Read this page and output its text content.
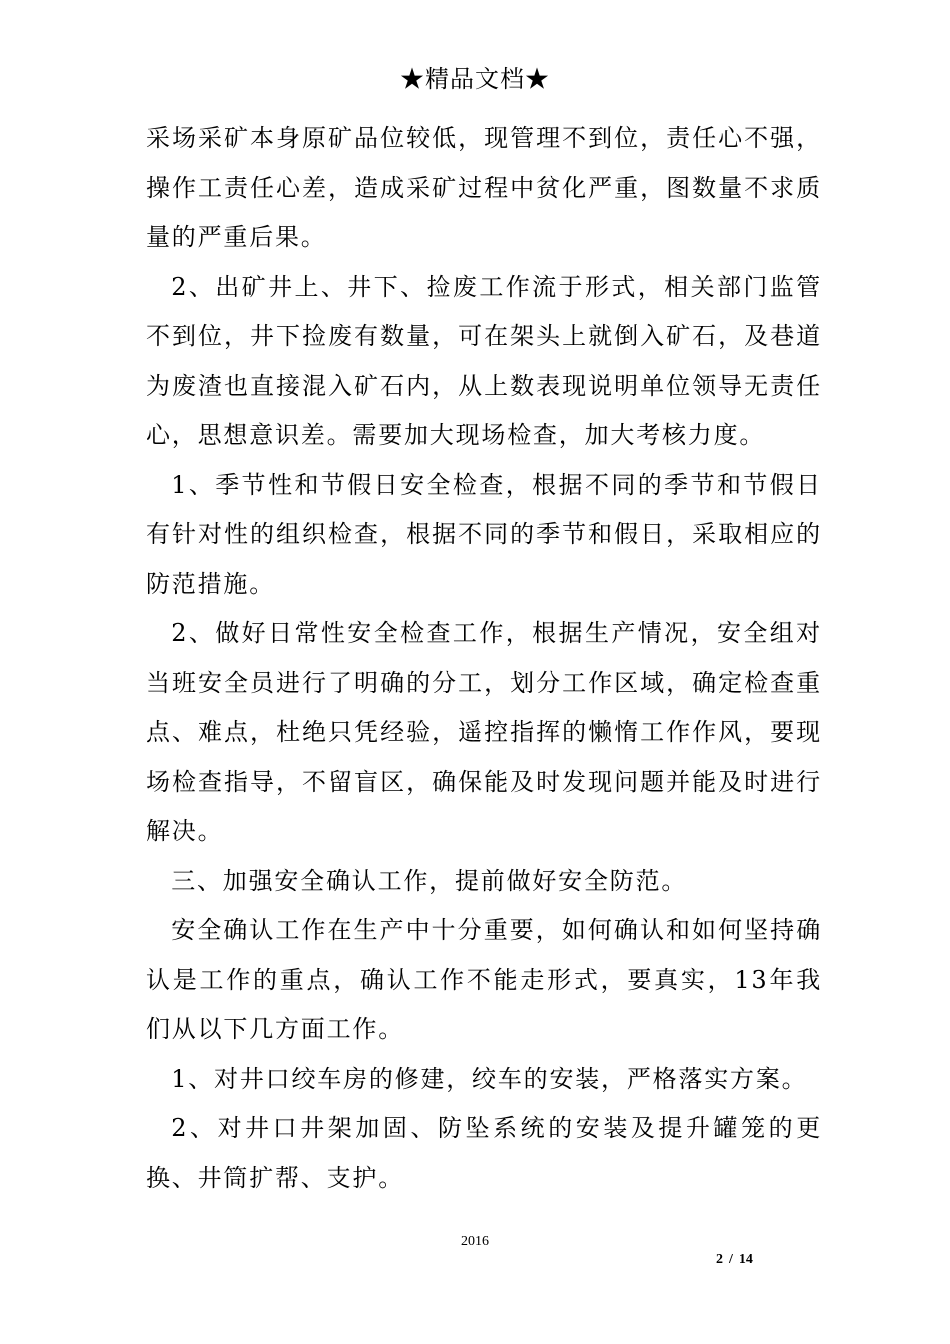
★精品文档★

采场采矿本身原矿品位较低，现管理不到位，责任心不强，操作工责任心差，造成采矿过程中贫化严重，图数量不求质量的严重后果。

2、出矿井上、井下、捡废工作流于形式，相关部门监管不到位，井下捡废有数量，可在架头上就倒入矿石，及巷道为废渣也直接混入矿石内，从上数表现说明单位领导无责任心，思想意识差。需要加大现场检查，加大考核力度。

1、季节性和节假日安全检查，根据不同的季节和节假日有针对性的组织检查，根据不同的季节和假日，采取相应的防范措施。

2、做好日常性安全检查工作，根据生产情况，安全组对当班安全员进行了明确的分工，划分工作区域，确定检查重点、难点，杜绝只凭经验，遥控指挥的懒惰工作作风，要现场检查指导，不留盲区，确保能及时发现问题并能及时进行解决。

三、加强安全确认工作，提前做好安全防范。

安全确认工作在生产中十分重要，如何确认和如何坚持确认是工作的重点，确认工作不能走形式，要真实，13年我们从以下几方面工作。

1、对井口绞车房的修建，绞车的安装，严格落实方案。

2、对井口井架加固、防坠系统的安装及提升罐笼的更换、井筒扩帮、支护。

2016
2 / 14
